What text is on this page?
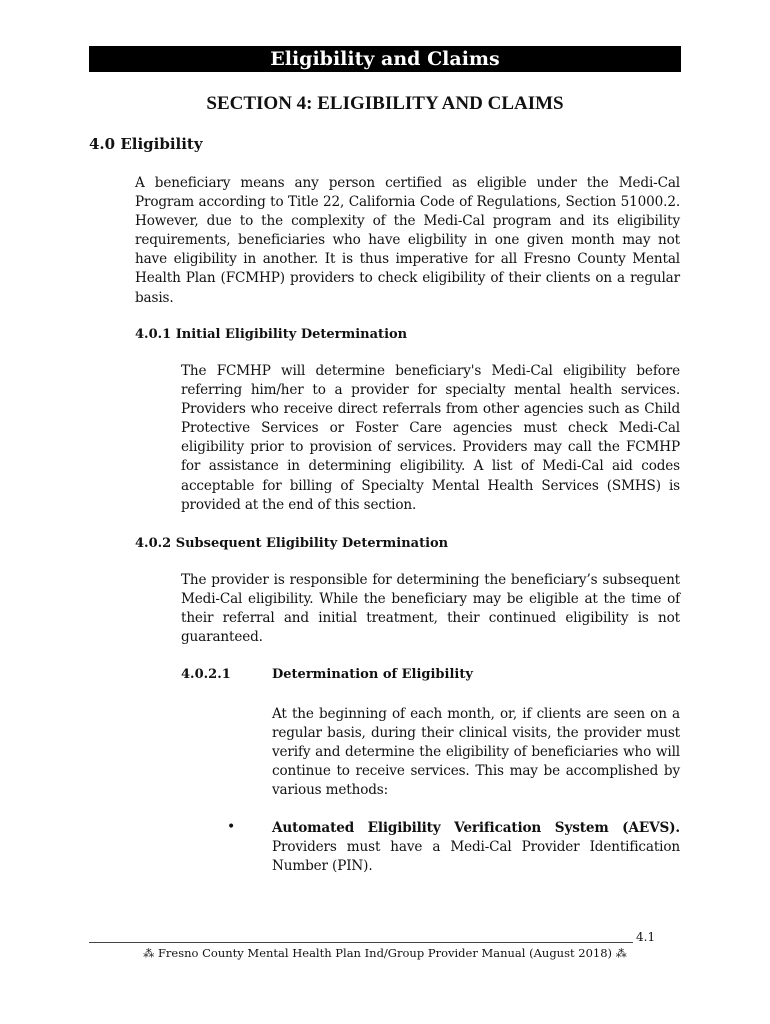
Eligibility and Claims
SECTION 4: ELIGIBILITY AND CLAIMS
4.0 Eligibility

A beneficiary means any person certified as eligible under the Medi-Cal Program according to Title 22, California Code of Regulations, Section 51000.2. However, due to the complexity of the Medi-Cal program and its eligibility requirements, beneficiaries who have eligbility in one given month may not have eligibility in another. It is thus imperative for all Fresno County Mental Health Plan (FCMHP) providers to check eligibility of their clients on a regular basis.

4.0.1 Initial Eligibility Determination

The FCMHP will determine beneficiary's Medi-Cal eligibility before referring him/her to a provider for specialty mental health services. Providers who receive direct referrals from other agencies such as Child Protective Services or Foster Care agencies must check Medi-Cal eligibility prior to provision of services. Providers may call the FCMHP for assistance in determining eligibility. A list of Medi-Cal aid codes acceptable for billing of Specialty Mental Health Services (SMHS) is provided at the end of this section.

4.0.2 Subsequent Eligibility Determination

The provider is responsible for determining the beneficiary’s subsequent Medi-Cal eligibility. While the beneficiary may be eligible at the time of their referral and initial treatment, their continued eligibility is not guaranteed.

4.0.2.1	Determination of Eligibility

At the beginning of each month, or, if clients are seen on a regular basis, during their clinical visits, the provider must verify and determine the eligibility of beneficiaries who will continue to receive services. This may be accomplished by various methods:

•	Automated Eligibility Verification System (AEVS). Providers must have a Medi-Cal Provider Identification Number (PIN).

4.1
⁂ Fresno County Mental Health Plan Ind/Group Provider Manual (August 2018) ⁂
